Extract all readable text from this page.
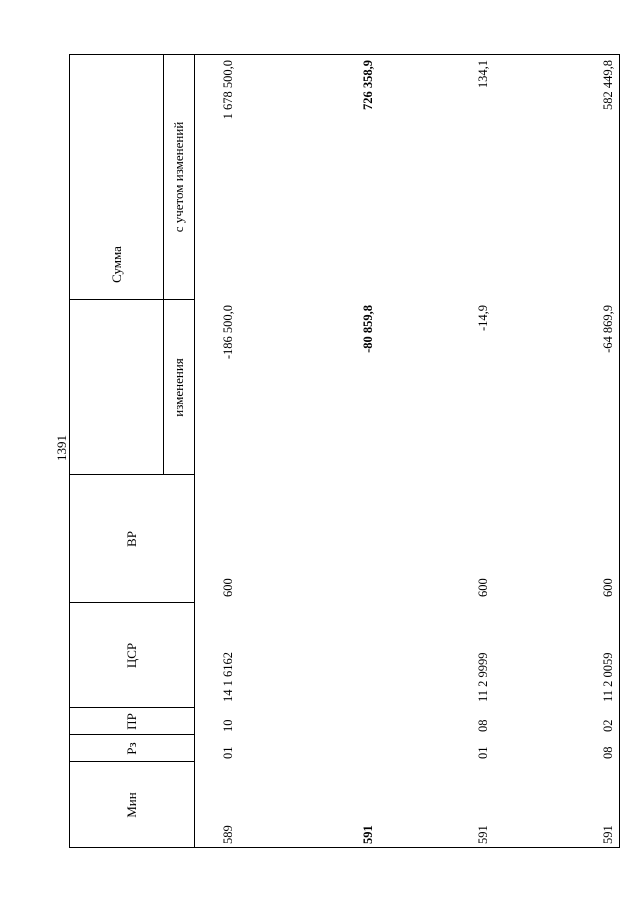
1391
Мин
Рз
ПР
ЦСР
ВР
Сумма
изменения
с учетом изменений
589
01
10
14 1 6162
600
-186 500,0
1 678 500,0
591
-80 859,8
726 358,9
591
01
08
11 2 9999
600
-14,9
134,1
591
08
02
11 2 0059
600
-64 869,9
582 449,8
